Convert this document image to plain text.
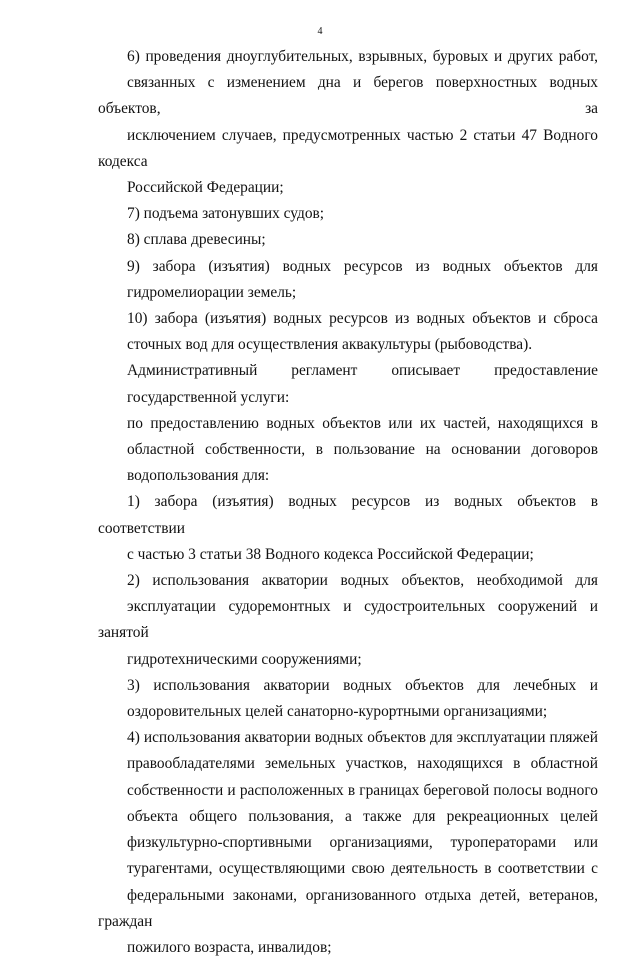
4

6) проведения дноуглубительных, взрывных, буровых и других работ,
связанных с изменением дна и берегов поверхностных водных объектов, за
исключением случаев, предусмотренных частью 2 статьи 47 Водного кодекса
Российской Федерации;

7) подъема затонувших судов;

8) сплава древесины;

9) забора (изъятия) водных ресурсов из водных объектов для
гидромелиорации земель;

10) забора (изъятия) водных ресурсов из водных объектов и сброса
сточных вод для осуществления аквакультуры (рыбоводства).

Административный регламент описывает предоставление
государственной услуги:

по предоставлению водных объектов или их частей, находящихся в
областной собственности, в пользование на основании договоров
водопользования для:

1) забора (изъятия) водных ресурсов из водных объектов в соответствии
с частью 3 статьи 38 Водного кодекса Российской Федерации;

2) использования акватории водных объектов, необходимой для
эксплуатации судоремонтных и судостроительных сооружений и занятой
гидротехническими сооружениями;

3) использования акватории водных объектов для лечебных и
оздоровительных целей санаторно-курортными организациями;

4) использования акватории водных объектов для эксплуатации пляжей
правообладателями земельных участков, находящихся в областной
собственности и расположенных в границах береговой полосы водного
объекта общего пользования, а также для рекреационных целей
физкультурно-спортивными организациями, туроператорами или
турагентами, осуществляющими свою деятельность в соответствии с
федеральными законами, организованного отдыха детей, ветеранов, граждан
пожилого возраста, инвалидов;
